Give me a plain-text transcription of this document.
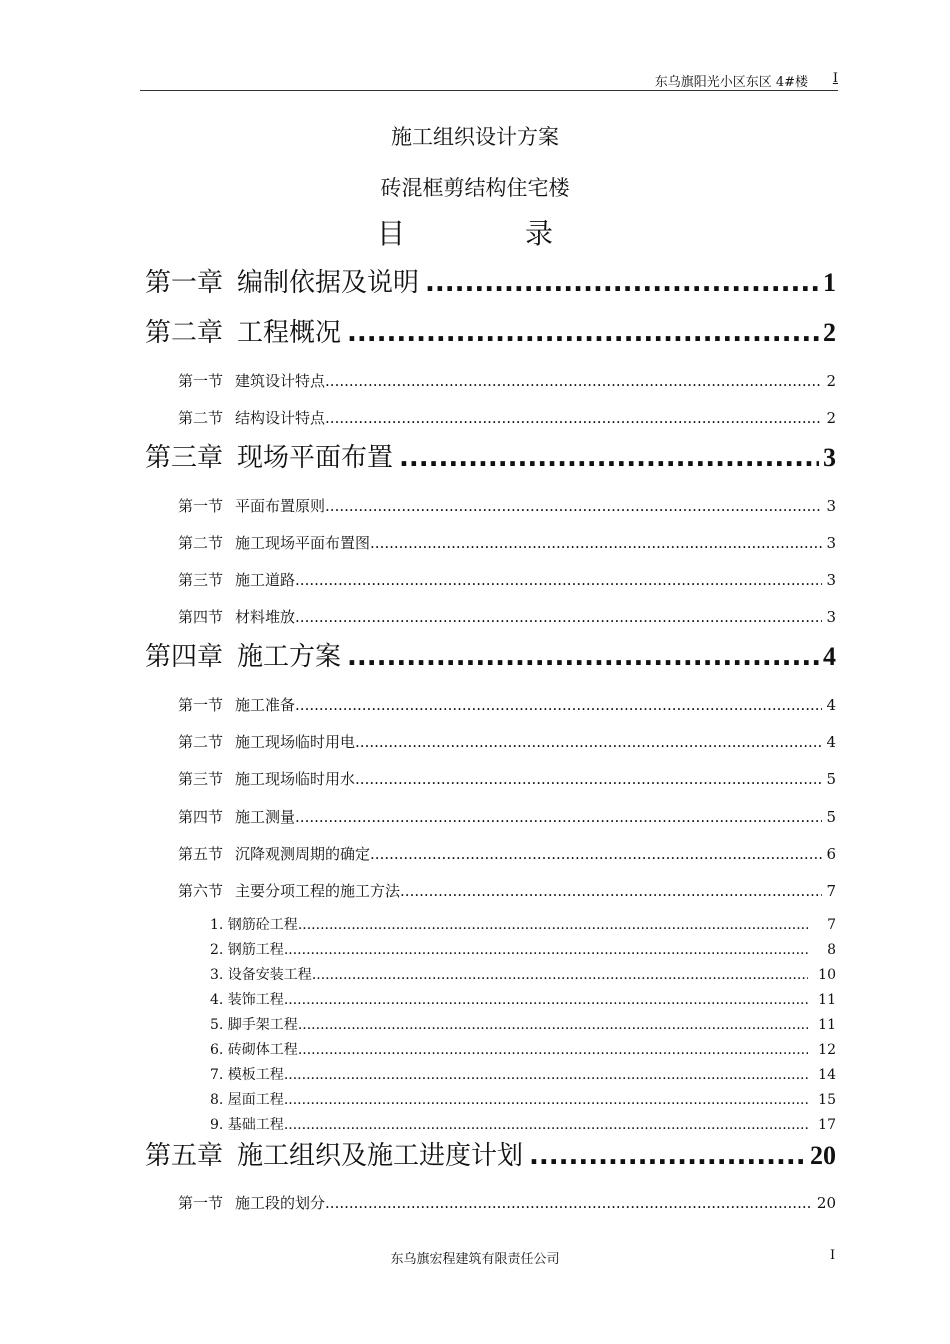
东乌旗阳光小区东区 4#楼 I
施工组织设计方案
砖混框剪结构住宅楼
目录
第一章 编制依据及说明 .....	1
第二章 工程概况 .....	2
第一节 建筑设计特点 .....	2
第二节 结构设计特点 .....	2
第三章 现场平面布置 .....	3
第一节 平面布置原则 .....	3
第二节 施工现场平面布置图 .....	3
第三节 施工道路 .....	3
第四节 材料堆放 .....	3
第四章 施工方案 .....	4
第一节 施工准备 .....	4
第二节 施工现场临时用电 .....	4
第三节 施工现场临时用水 .....	5
第四节 施工测量 .....	5
第五节 沉降观测周期的确定 .....	6
第六节 主要分项工程的施工方法 .....	7
1. 钢筋砼工程 .....	7
2. 钢筋工程 .....	8
3. 设备安装工程 .....	10
4. 装饰工程 .....	11
5. 脚手架工程 .....	11
6. 砖砌体工程 .....	12
7. 模板工程 .....	14
8. 屋面工程 .....	15
9. 基础工程 .....	17
第五章 施工组织及施工进度计划 .....	20
第一节 施工段的划分 .....	20
东乌旗宏程建筑有限责任公司	I
